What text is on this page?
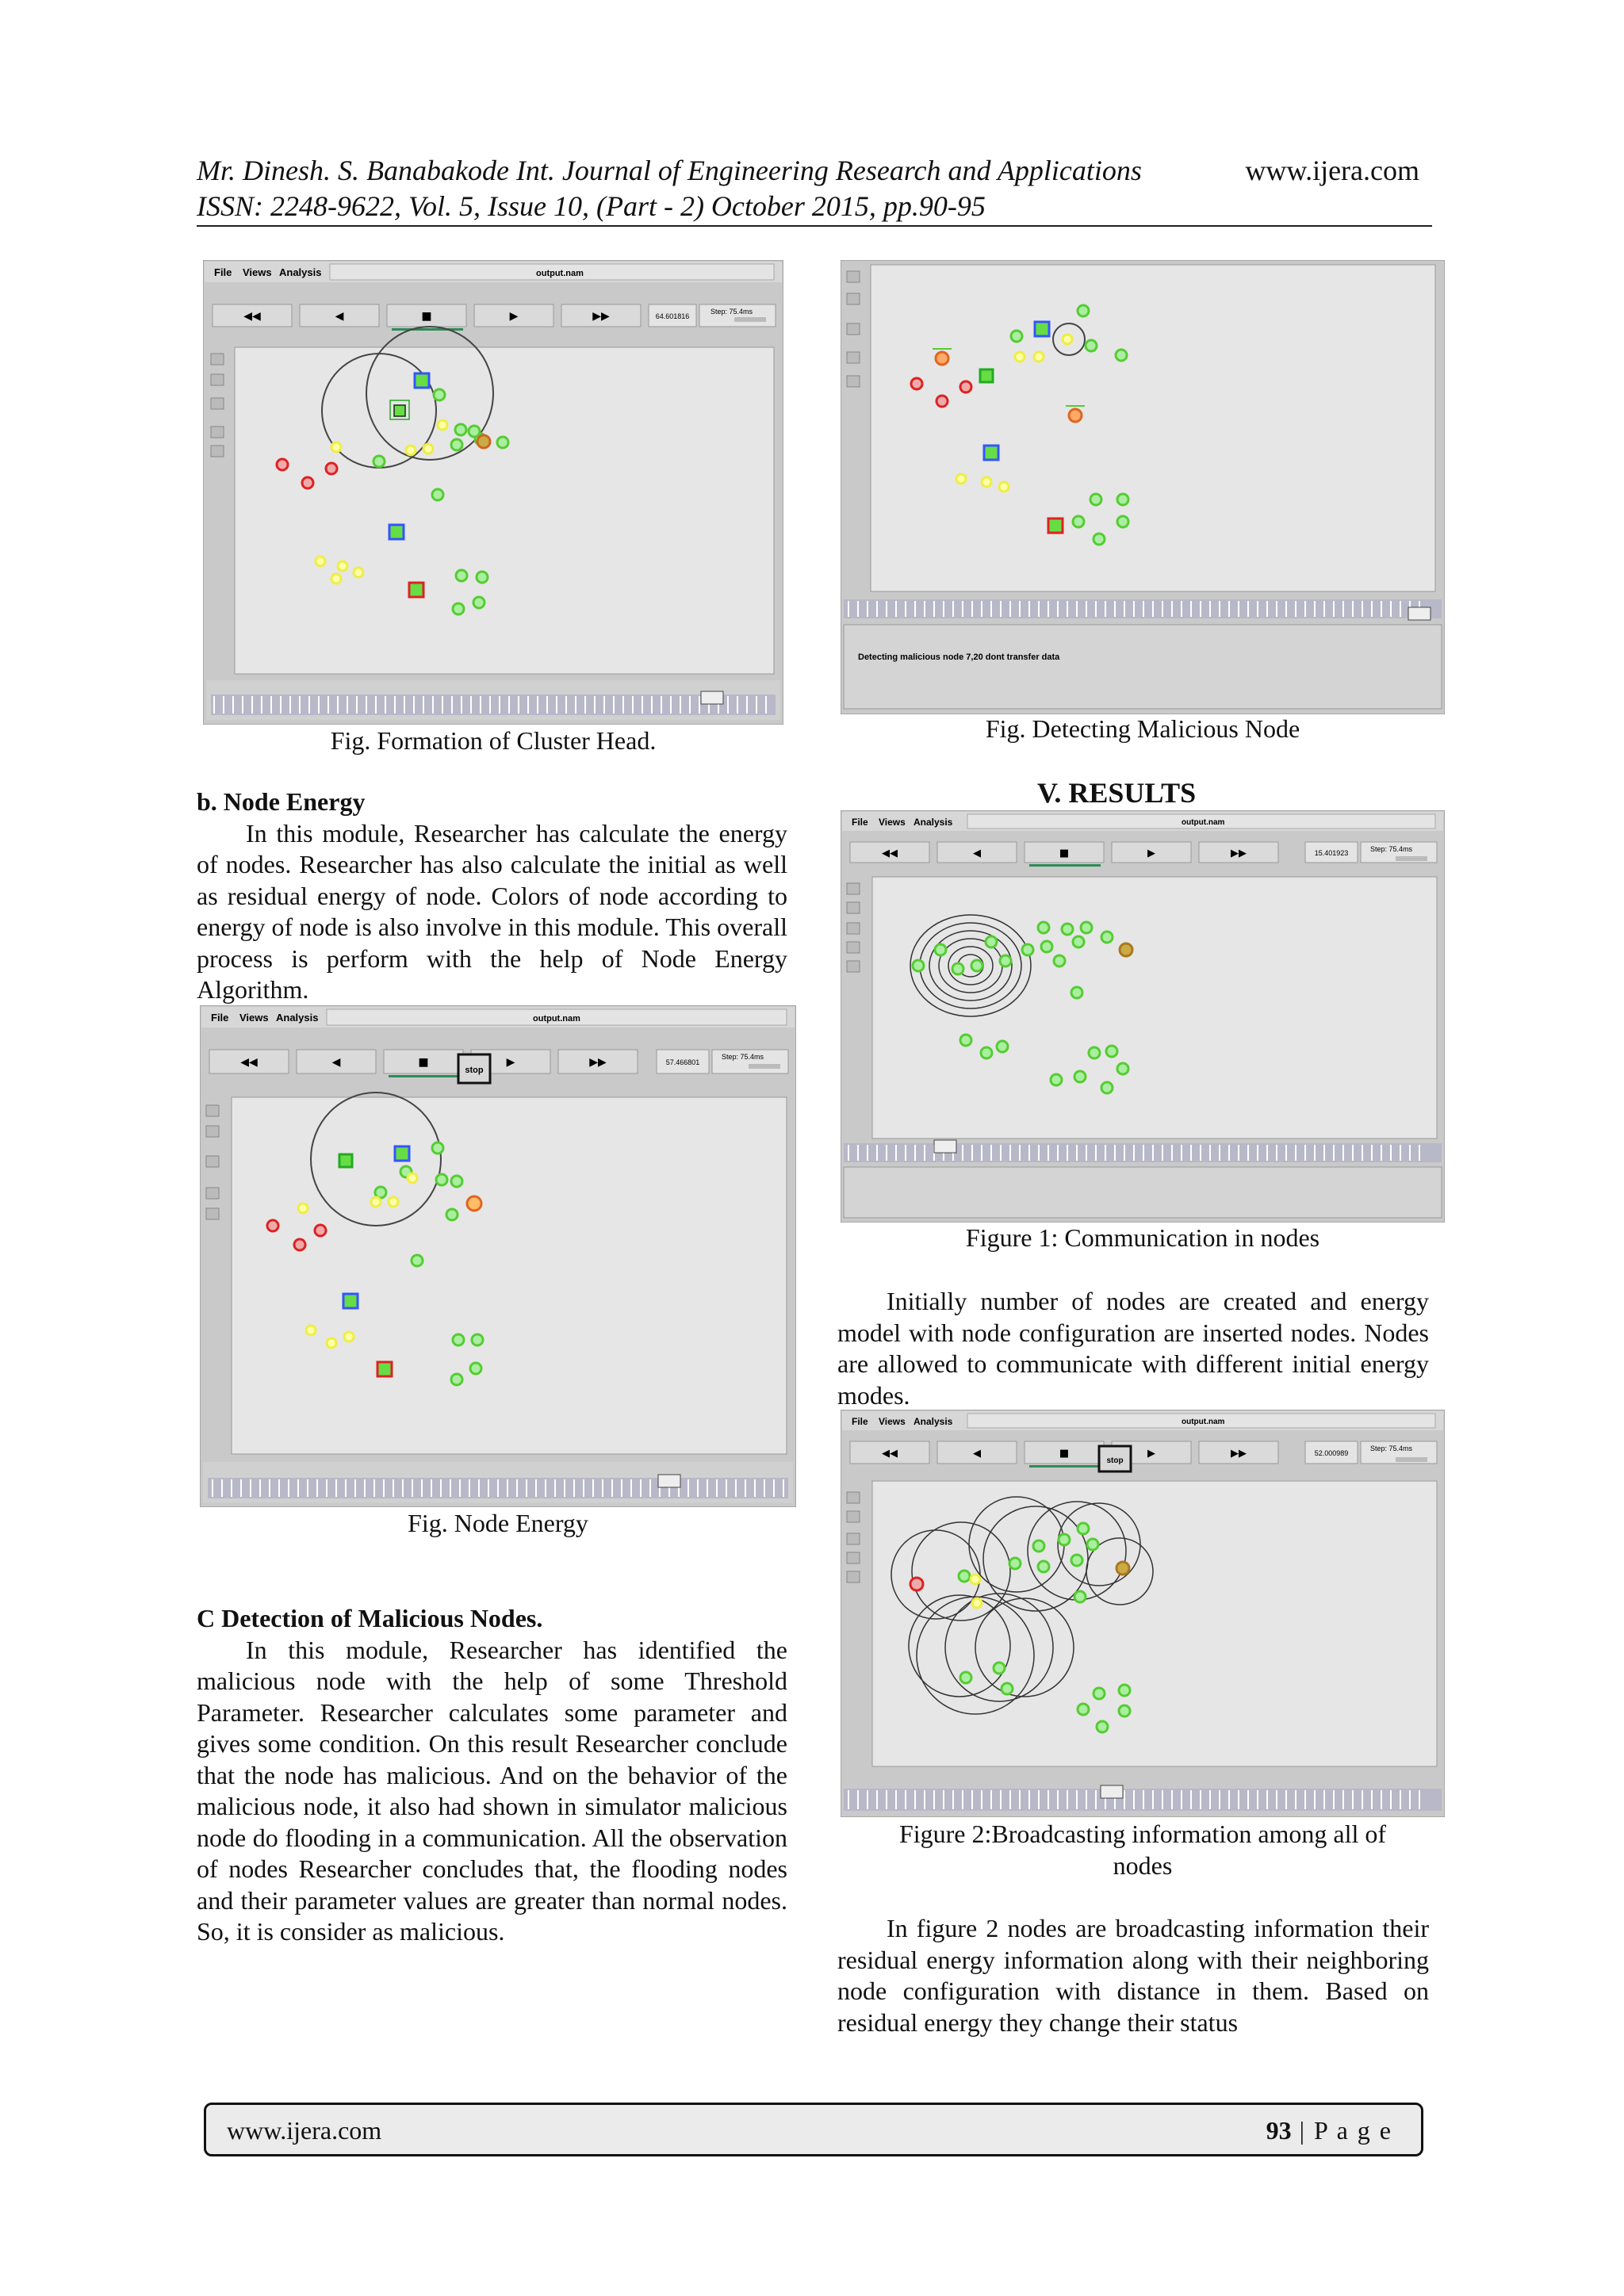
Mr. Dinesh. S. Banabakode Int. Journal of Engineering Research and Applications	www.ijera.com
ISSN: 2248-9622, Vol. 5, Issue 10, (Part - 2) October 2015, pp.90-95
File Views Analysis	output.nam
◀◀	◀	■	▶	▶▶	64.601816
Step: 75.4ms
Fig. Formation of Cluster Head.
b. Node Energy

In this module, Researcher has calculate the energy of nodes. Researcher has also calculate the initial as well as residual energy of node. Colors of node according to energy of node is also involve in this module. This overall process is perform with the help of Node Energy Algorithm.

File Views Analysis	output.nam
◀◀	◀	■	▶	▶▶
stop
57.466801
Step: 75.4ms
Fig. Node Energy
C Detection of Malicious Nodes.

In this module, Researcher has identified the malicious node with the help of some Threshold Parameter. Researcher calculates some parameter and gives some condition. On this result Researcher conclude that the node has malicious. And on the behavior of the malicious node, it also had shown in simulator malicious node do flooding in a communication. All the observation of nodes Researcher concludes that, the flooding nodes and their parameter values are greater than normal nodes. So, it is consider as malicious.

Detecting malicious node 7,20 dont transfer data
Fig. Detecting Malicious Node
V. RESULTS
File Views Analysis	output.nam
◀◀	◀	■	▶	▶▶	15.401923	Step: 75.4ms
Figure 1: Communication in nodes

Initially number of nodes are created and energy model with node configuration are inserted nodes. Nodes are allowed to communicate with different initial energy modes.

File Views Analysis	output.nam
◀◀	◀	■	▶	▶▶
stop
52.000989
Step: 75.4ms
Figure 2:Broadcasting information among all of
nodes

In figure 2 nodes are broadcasting information their residual energy information along with their neighboring node configuration with distance in them. Based on residual energy they change their status

www.ijera.com	93 | P a g e
